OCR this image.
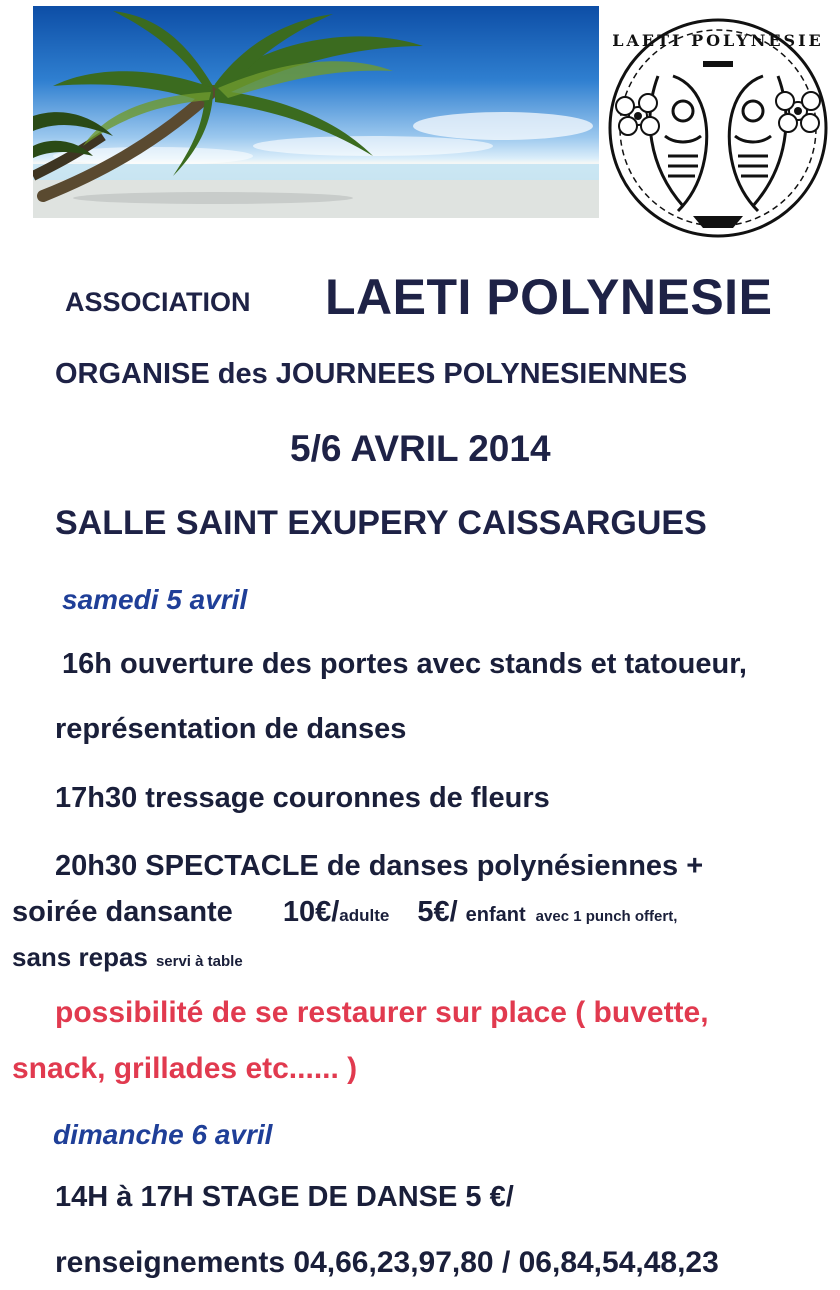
LAETI POLYNESIE
ASSOCIATION LAETI POLYNESIE
ORGANISE des JOURNEES POLYNESIENNES
5/6 AVRIL 2014
SALLE SAINT EXUPERY CAISSARGUES
samedi 5 avril
16h ouverture des portes avec stands et tatoueur,
représentation de danses
17h30 tressage couronnes de fleurs
20h30 SPECTACLE de danses polynésiennes +
soirée dansante 10€/adulte 5€/ enfant avec 1 punch offert,
sans repas servi à table
possibilité de se restaurer sur place ( buvette,
snack, grillades etc...... )
dimanche 6 avril
14H à 17H STAGE DE DANSE 5 €/
renseignements 04,66,23,97,80 / 06,84,54,48,23
